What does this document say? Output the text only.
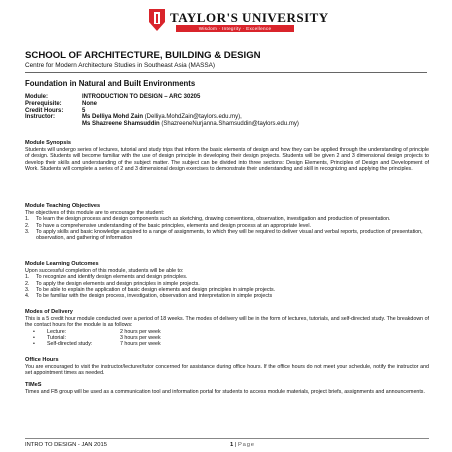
TAYLOR'S UNIVERSITY
Wisdom · Integrity · Excellence
SCHOOL OF ARCHITECTURE, BUILDING & DESIGN
Centre for Modern Architecture Studies in Southeast Asia (MASSA)
Foundation in Natural and Built Environments
Module:	INTRODUCTION TO DESIGN – ARC 30205
Prerequisite:	None
Credit Hours:	5
Instructor:	Ms Delliya Mohd Zain (Delliya.MohdZain@taylors.edu.my),
Ms Shazreene Shamsuddin (ShazreeneNurjanna.Shamsuddin@taylors.edu.my)
Module Synopsis

Students will undergo series of lectures, tutorial and study trips that inform the basic elements of design and how they can be applied through the understanding of principle of design. Students will become familiar with the use of design principle in developing their design projects. Students will be given 2 and 3 dimensional design projects to develop their skills and understanding of the subject matter. The subject can be divided into three sections: Design Elements, Principles of Design and Development of Work. Students will complete a series of 2 and 3 dimensional design exercises to demonstrate their understanding and skill in recognizing and applying the principles.

Module Teaching Objectives

The objectives of this module are to encourage the student:

1. To learn the design process and design components such as sketching, drawing conventions, observation, investigation and production of presentation.
2. To have a comprehensive understanding of the basic principles, elements and design process at an appropriate level.
3. To apply skills and basic knowledge acquired to a range of assignments, to which they will be required to deliver visual and verbal reports, production of presentation, observation, and gathering of information
Module Learning Outcomes

Upon successful completion of this module, students will be able to:

1. To recognize and identify design elements and design principles.
2. To apply the design elements and design principles in simple projects.
3. To be able to explain the application of basic design elements and design principles in simple projects.
4. To be familiar with the design process, investigation, observation and interpretation in simple projects
Modes of Delivery

This is a 5 credit hour module conducted over a period of 18 weeks. The modes of delivery will be in the form of lectures, tutorials, and self-directed study. The breakdown of the contact hours for the module is as follows:

• Lecture:	2 hours per week
• Tutorial:	3 hours per week
• Self-directed study:	7 hours per week
Office Hours

You are encouraged to visit the instructor/lecturer/tutor concerned for assistance during office hours. If the office hours do not meet your schedule, notify the instructor and set appointment times as needed.

TIMeS

Times and FB group will be used as a communication tool and information portal for students to access module materials, project briefs, assignments and announcements.

INTRO TO DESIGN - JAN 2015	1 | Page
